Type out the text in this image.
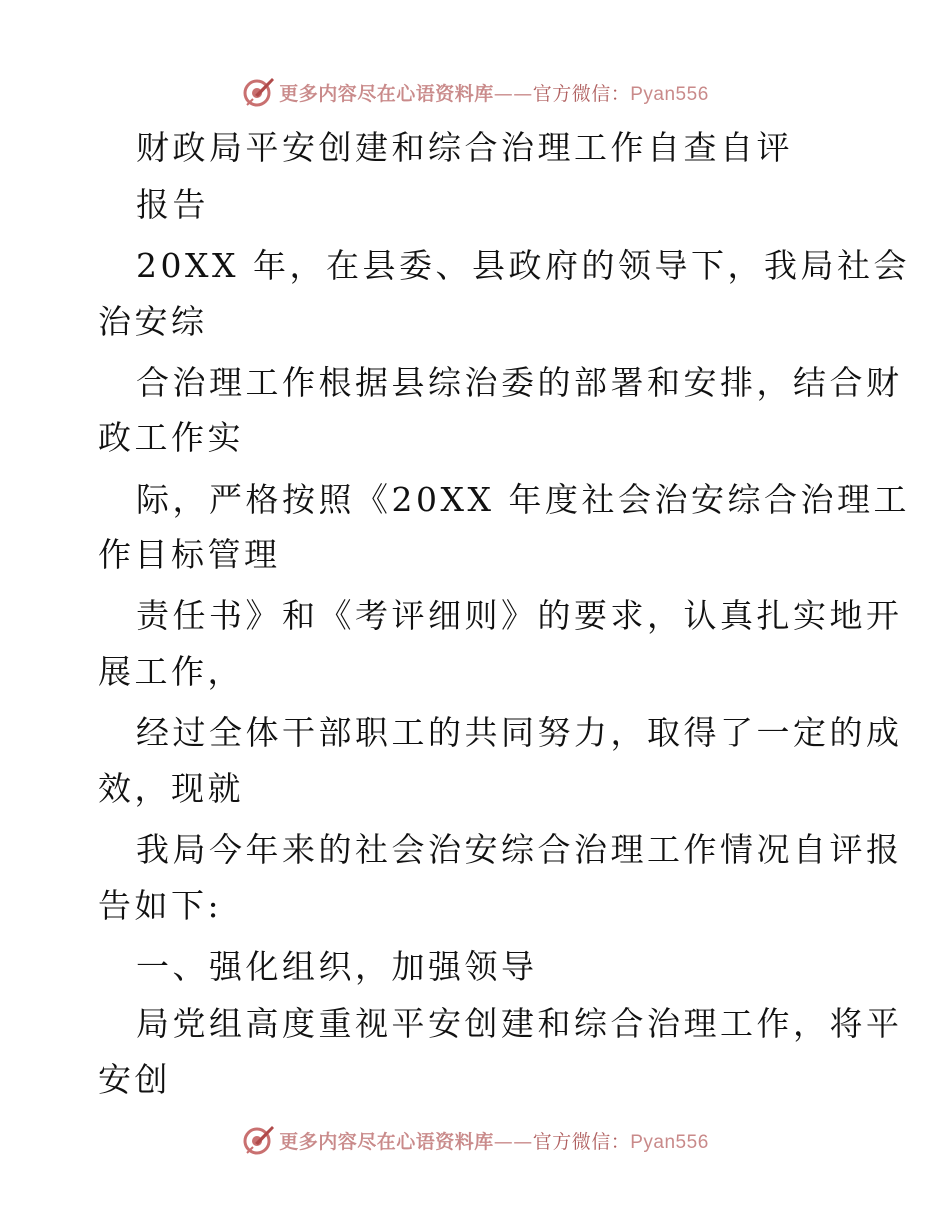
更多内容尽在心语资料库——官方微信：Pyan556
财政局平安创建和综合治理工作自查自评
报告
20XX 年，在县委、县政府的领导下，我局社会
治安综
合治理工作根据县综治委的部署和安排，结合财
政工作实
际，严格按照《20XX 年度社会治安综合治理工
作目标管理
责任书》和《考评细则》的要求，认真扎实地开
展工作，
经过全体干部职工的共同努力，取得了一定的成
效，现就
我局今年来的社会治安综合治理工作情况自评报
告如下:
一、强化组织，加强领导
局党组高度重视平安创建和综合治理工作，将平
安创
更多内容尽在心语资料库——官方微信：Pyan556
